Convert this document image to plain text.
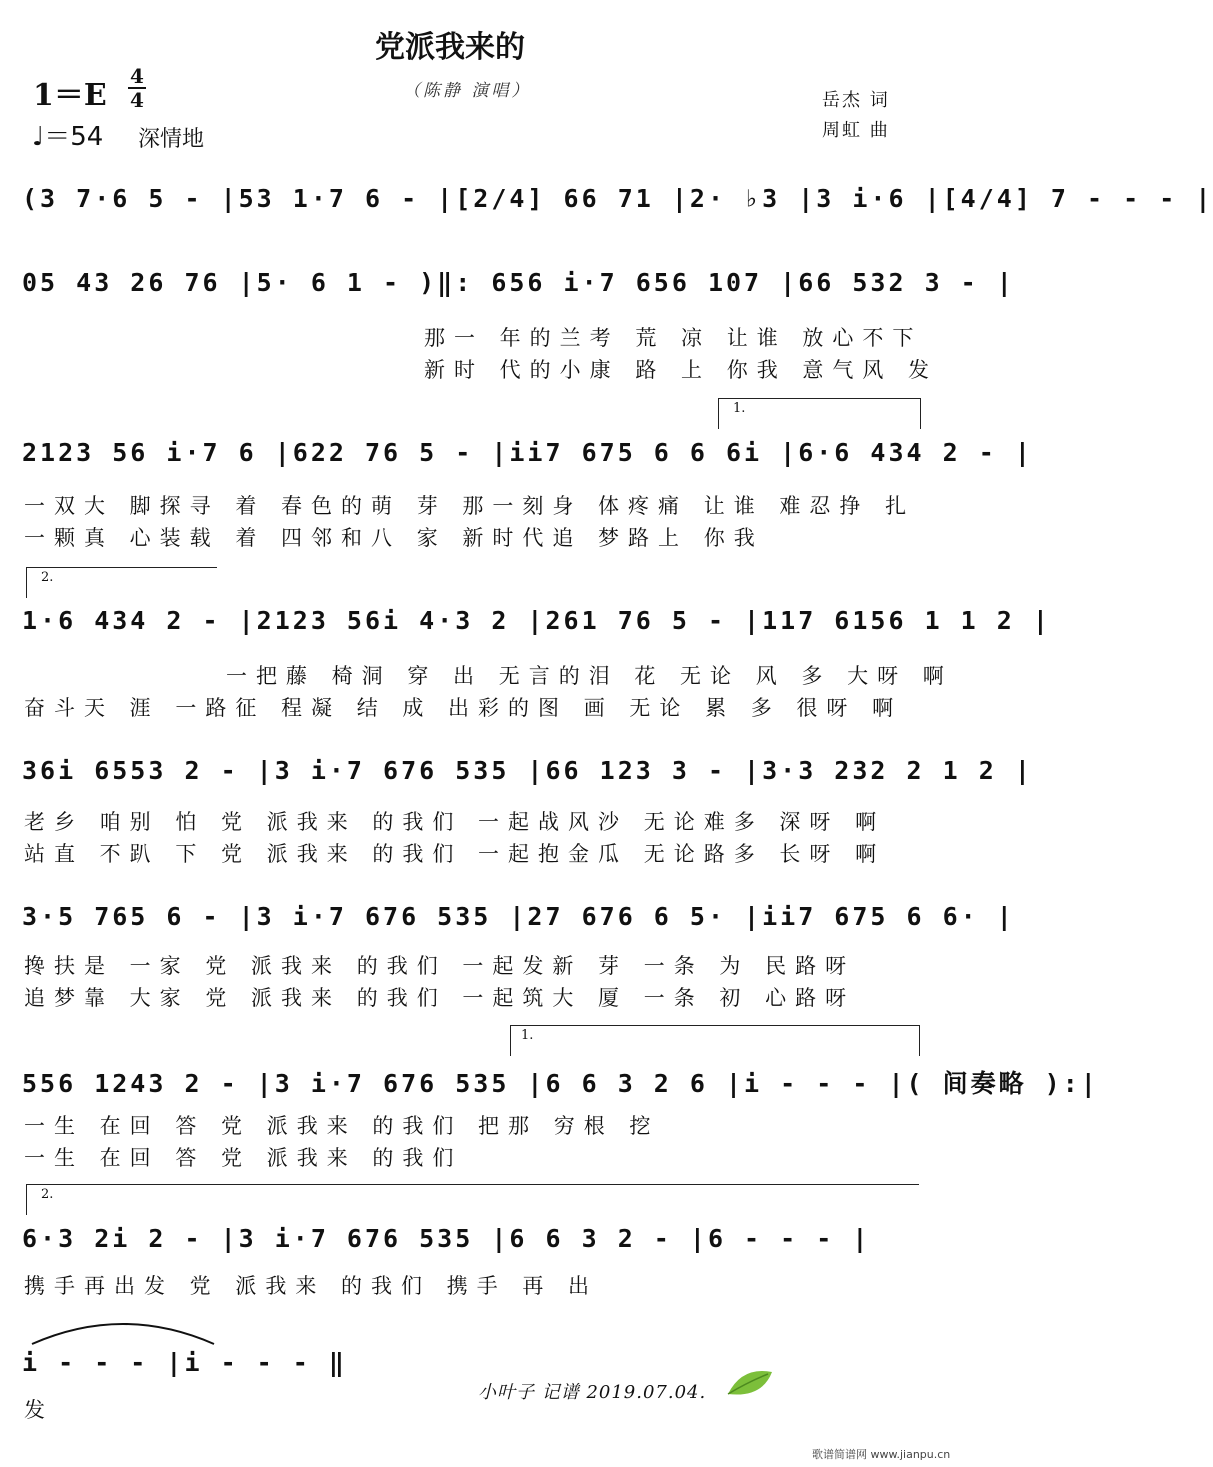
党派我来的
（陈静 演唱）
1＝E
4
4
♩＝54 深情地
岳杰 词
周虹 曲
(3 7·6 5 - |53 1·7 6 - |[2/4] 66 71 |2· ♭3 |3 i·6 |[4/4] 7 - - - |
05 43 26 76 |5· 6 1 - )‖: 656 i·7 656 107 |66 532 3 - |
那一 年的兰考 荒 凉 让谁 放心不下
新时 代的小康 路 上 你我 意气风 发
1.
2123 56 i·7 6 |622 76 5 - |ii7 675 6 6 6i |6·6 434 2 - |
一双大 脚探寻 着 春色的萌 芽 那一刻身 体疼痛 让谁 难忍挣 扎
一颗真 心装载 着 四邻和八 家 新时代追 梦路上 你我
2.
1·6 434 2 - |2123 56i 4·3 2 |261 76 5 - |117 6156 1 1 2 |
一把藤 椅洞 穿 出 无言的泪 花 无论 风 多 大呀 啊
奋斗天 涯 一路征 程凝 结 成 出彩的图 画 无论 累 多 很呀 啊
36i 6553 2 - |3 i·7 676 535 |66 123 3 - |3·3 232 2 1 2 |
老乡 咱别 怕 党 派我来 的我们 一起战风沙 无论难多 深呀 啊
站直 不趴 下 党 派我来 的我们 一起抱金瓜 无论路多 长呀 啊
3·5 765 6 - |3 i·7 676 535 |27 676 6 5· |ii7 675 6 6· |
搀扶是 一家 党 派我来 的我们 一起发新 芽 一条 为 民路呀
追梦靠 大家 党 派我来 的我们 一起筑大 厦 一条 初 心路呀
1.
556 1243 2 - |3 i·7 676 535 |6 6 3 2 6 |i - - - |( 间奏略 ):|
一生 在回 答 党 派我来 的我们 把那 穷根 挖
一生 在回 答 党 派我来 的我们
2.
6·3 2i 2 - |3 i·7 676 535 |6 6 3 2 - |6 - - - |
携手再出发 党 派我来 的我们 携手 再 出
i - - - |i - - - ‖
发
小叶子 记谱 2019.07.04.
歌谱简谱网 www.jianpu.cn
